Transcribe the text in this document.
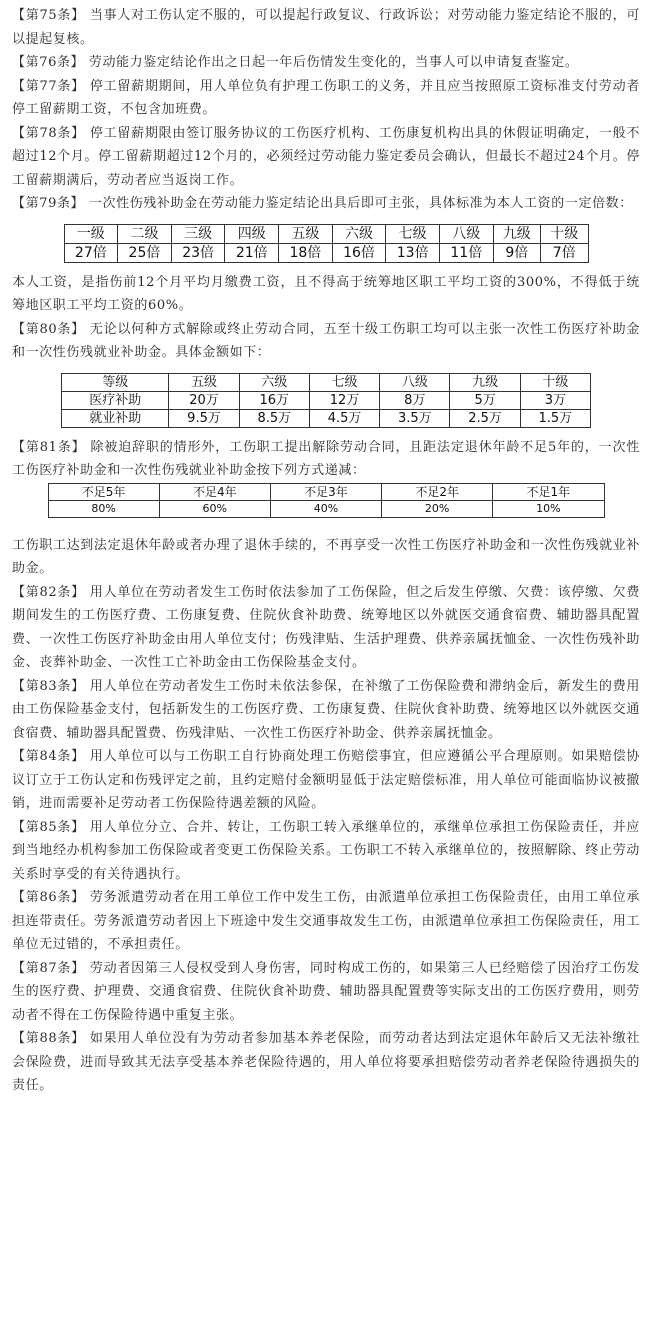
【第75条】 当事人对工伤认定不服的，可以提起行政复议、行政诉讼；对劳动能力鉴定结论不服的，可以提起复核。

【第76条】 劳动能力鉴定结论作出之日起一年后伤情发生变化的，当事人可以申请复查鉴定。

【第77条】 停工留薪期期间，用人单位负有护理工伤职工的义务，并且应当按照原工资标准支付劳动者停工留薪期工资，不包含加班费。

【第78条】 停工留薪期限由签订服务协议的工伤医疗机构、工伤康复机构出具的休假证明确定，一般不超过12个月。停工留薪期超过12个月的，必须经过劳动能力鉴定委员会确认，但最长不超过24个月。停工留薪期满后，劳动者应当返岗工作。

【第79条】 一次性伤残补助金在劳动能力鉴定结论出具后即可主张，具体标准为本人工资的一定倍数：

一级	二级	三级	四级	五级	六级	七级	八级	九级	十级
27倍	25倍	23倍	21倍	18倍	16倍	13倍	11倍	9倍	7倍

本人工资，是指伤前12个月平均月缴费工资，且不得高于统筹地区职工平均工资的300%，不得低于统筹地区职工平均工资的60%。

【第80条】 无论以何种方式解除或终止劳动合同，五至十级工伤职工均可以主张一次性工伤医疗补助金和一次性伤残就业补助金。具体金额如下：

等级	五级	六级	七级	八级	九级	十级
医疗补助	20万	16万	12万	8万	5万	3万
就业补助	9.5万	8.5万	4.5万	3.5万	2.5万	1.5万

【第81条】 除被迫辞职的情形外，工伤职工提出解除劳动合同，且距法定退休年龄不足5年的，一次性工伤医疗补助金和一次性伤残就业补助金按下列方式递减：

不足5年	不足4年	不足3年	不足2年	不足1年
80%	60%	40%	20%	10%

工伤职工达到法定退休年龄或者办理了退休手续的，不再享受一次性工伤医疗补助金和一次性伤残就业补助金。

【第82条】 用人单位在劳动者发生工伤时依法参加了工伤保险，但之后发生停缴、欠费：该停缴、欠费期间发生的工伤医疗费、工伤康复费、住院伙食补助费、统筹地区以外就医交通食宿费、辅助器具配置费、一次性工伤医疗补助金由用人单位支付；伤残津贴、生活护理费、供养亲属抚恤金、一次性伤残补助金、丧葬补助金、一次性工亡补助金由工伤保险基金支付。

【第83条】 用人单位在劳动者发生工伤时未依法参保，在补缴了工伤保险费和滞纳金后，新发生的费用由工伤保险基金支付，包括新发生的工伤医疗费、工伤康复费、住院伙食补助费、统筹地区以外就医交通食宿费、辅助器具配置费、伤残津贴、一次性工伤医疗补助金、供养亲属抚恤金。

【第84条】 用人单位可以与工伤职工自行协商处理工伤赔偿事宜，但应遵循公平合理原则。如果赔偿协议订立于工伤认定和伤残评定之前，且约定赔付金额明显低于法定赔偿标准，用人单位可能面临协议被撤销，进而需要补足劳动者工伤保险待遇差额的风险。

【第85条】 用人单位分立、合并、转让，工伤职工转入承继单位的，承继单位承担工伤保险责任，并应到当地经办机构参加工伤保险或者变更工伤保险关系。工伤职工不转入承继单位的，按照解除、终止劳动关系时享受的有关待遇执行。

【第86条】 劳务派遣劳动者在用工单位工作中发生工伤，由派遣单位承担工伤保险责任，由用工单位承担连带责任。劳务派遣劳动者因上下班途中发生交通事故发生工伤，由派遣单位承担工伤保险责任，用工单位无过错的，不承担责任。

【第87条】 劳动者因第三人侵权受到人身伤害，同时构成工伤的，如果第三人已经赔偿了因治疗工伤发生的医疗费、护理费、交通食宿费、住院伙食补助费、辅助器具配置费等实际支出的工伤医疗费用，则劳动者不得在工伤保险待遇中重复主张。

【第88条】 如果用人单位没有为劳动者参加基本养老保险，而劳动者达到法定退休年龄后又无法补缴社会保险费，进而导致其无法享受基本养老保险待遇的，用人单位将要承担赔偿劳动者养老保险待遇损失的责任。
